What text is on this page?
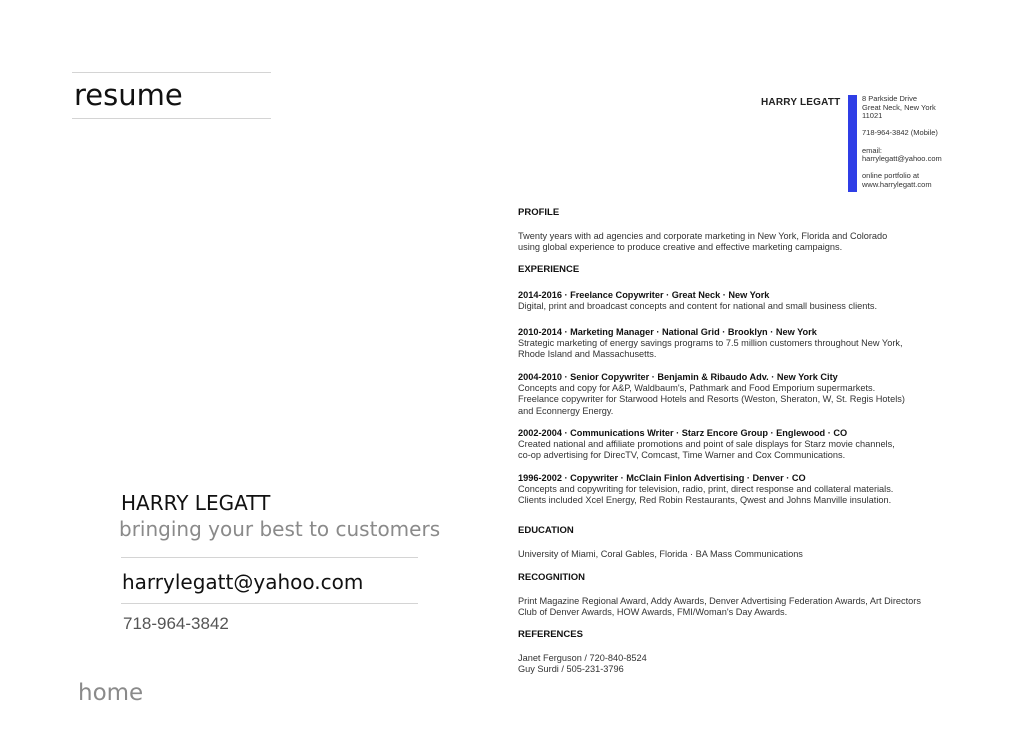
resume
HARRY LEGATT
bringing your best to customers
harrylegatt@yahoo.com
718-964-3842
home
HARRY LEGATT	8 Parkside Drive
Great Neck, New York
11021
718-964-3842 (Mobile)
email:
harrylegatt@yahoo.com
online portfolio at
www.harrylegatt.com
PROFILE
Twenty years with ad agencies and corporate marketing in New York, Florida and Colorado
using global experience to produce creative and effective marketing campaigns.
EXPERIENCE
2014-2016 · Freelance Copywriter · Great Neck · New York
Digital, print and broadcast concepts and content for national and small business clients.
2010-2014 · Marketing Manager · National Grid · Brooklyn · New York
Strategic marketing of energy savings programs to 7.5 million customers throughout New York,
Rhode Island and Massachusetts.
2004-2010 · Senior Copywriter · Benjamin & Ribaudo Adv. · New York City
Concepts and copy for A&P, Waldbaum's, Pathmark and Food Emporium supermarkets.
Freelance copywriter for Starwood Hotels and Resorts (Weston, Sheraton, W, St. Regis Hotels)
and Econnergy Energy.
2002-2004 · Communications Writer · Starz Encore Group · Englewood · CO
Created national and affiliate promotions and point of sale displays for Starz movie channels,
co-op advertising for DirecTV, Comcast, Time Warner and Cox Communications.
1996-2002 · Copywriter · McClain Finlon Advertising · Denver · CO
Concepts and copywriting for television, radio, print, direct response and collateral materials.
Clients included Xcel Energy, Red Robin Restaurants, Qwest and Johns Manville insulation.
EDUCATION
University of Miami, Coral Gables, Florida · BA Mass Communications
RECOGNITION
Print Magazine Regional Award, Addy Awards, Denver Advertising Federation Awards, Art Directors
Club of Denver Awards, HOW Awards, FMI/Woman's Day Awards.
REFERENCES
Janet Ferguson / 720-840-8524
Guy Surdi / 505-231-3796
